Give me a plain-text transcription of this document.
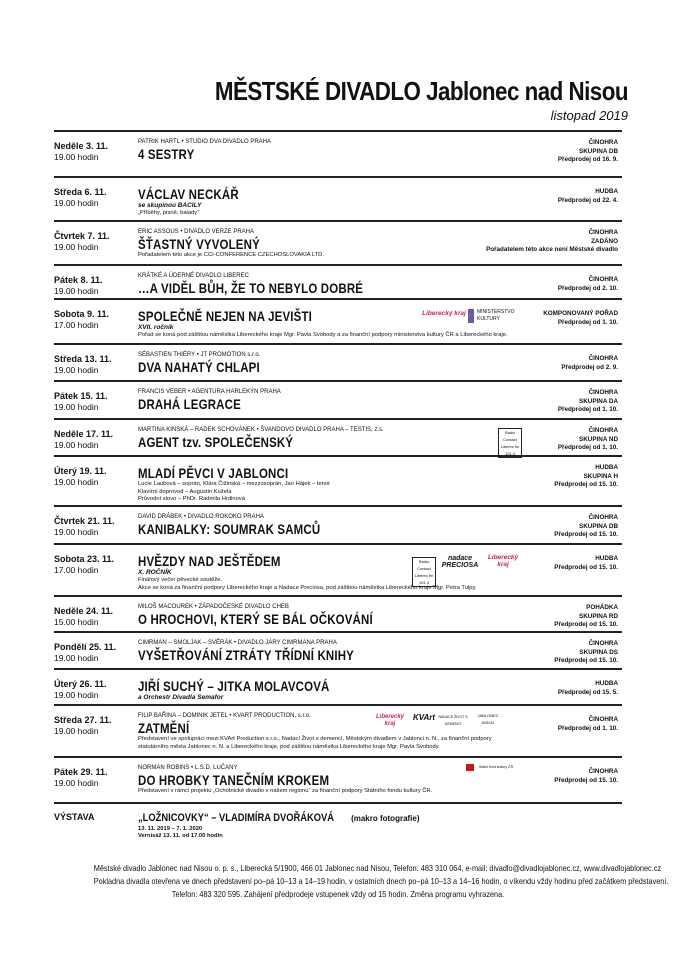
MĚSTSKÉ DIVADLO Jablonec nad Nisou
listopad 2019
Neděle 3. 11.
19.00 hodin
PATRIK HARTL • STUDIO DVA DIVADLO PRAHA
4 SESTRY
ČINOHRA
SKUPINA DB
Předprodej od 16. 9.
Středa 6. 11.
19.00 hodin
VÁCLAV NECKÁŘ
se skupinou BACILY
„Příběhy, písně, balady“
HUDBA
Předprodej od 22. 4.
Čtvrtek 7. 11.
19.00 hodin
ERIC ASSOUS • DIVADLO VERZE PRAHA
ŠŤASTNÝ VYVOLENÝ
Pořadatelem této akce je CCI-CONFERENCE CZECHOSLOVAKIA LTD.
ČINOHRA
ZADÁNO
Pořadatelem této akce není Městské divadlo
Pátek 8. 11.
19.00 hodin
KRÁTKÉ A ÚDERNÉ DIVADLO LIBEREC
…A VIDĚL BŮH, ŽE TO NEBYLO DOBRÉ
ČINOHRA
Předprodej od 2. 10.
Sobota 9. 11.
17.00 hodin
SPOLEČNĚ NEJEN NA JEVIŠTI
XVII. ročník
Pořad se koná pod záštitou náměstka Libereckého kraje Mgr. Pavla Svobody a za finanční podpory ministerstva kultury ČR a Libereckého kraje.
KOMPONOVANÝ POŘAD
Předprodej od 1. 10.
Liberecký kraj	MINISTERSTVO KULTURY
Středa 13. 11.
19.00 hodin
SÉBASTIEN THIÉRY • JT PROMOTION s.r.o.
DVA NAHATÝ CHLAPI
ČINOHRA
Předprodej od 2. 9.
Pátek 15. 11.
19.00 hodin
FRANCIS VEBER • AGENTURA HARLEKÝN PRAHA
DRAHÁ LEGRACE
ČINOHRA
SKUPINA DA
Předprodej od 1. 10.
Neděle 17. 11.
19.00 hodin
MARTINA KINSKÁ – RADEK SCHOVÁNEK • ŠVANDOVO DIVADLO PRAHA – TESTIS, z.s.
AGENT tzv. SPOLEČENSKÝ
ČINOHRA
SKUPINA ND
Předprodej od 1. 10.
Radio Contact Liberec fm 101.4
Úterý 19. 11.
19.00 hodin
MLADÍ PĚVCI V JABLONCI
Lucie Laubová – soprán, Klára Čižinská – mezzosoprán, Jan Hájek – tenor
Klavírní doprovod – Augustin Kužela
Průvodní slovo – PhDr. Radmila Hrdinová
HUDBA
SKUPINA H
Předprodej od 15. 10.
Čtvrtek 21. 11.
19.00 hodin
DAVID DRÁBEK • DIVADLO ROKOKO PRAHA
KANIBALKY: SOUMRAK SAMCŮ
ČINOHRA
SKUPINA DB
Předprodej od 15. 10.
Sobota 23. 11.
17.00 hodin
HVĚZDY NAD JEŠTĚDEM
X. ROČNÍK
Finálový večer pěvecké soutěže.
Akce se koná za finanční podpory Libereckého kraje a Nadace Preciosa, pod záštitou náměstka Libereckého kraje Mgr. Petra Tulpy.
HUDBA
Předprodej od 15. 10.
Radio Contact Liberec fm 101.4
nadace PRECIOSA
Liberecký kraj
Neděle 24. 11.
15.00 hodin
MILOŠ MACOUREK • ZÁPADOČESKÉ DIVADLO CHEB
O HROCHOVI, KTERÝ SE BÁL OČKOVÁNÍ
POHÁDKA
SKUPINA RD
Předprodej od 15. 10.
Pondělí 25. 11.
19.00 hodin
CIMRMAN – SMOLJAK – SVĚRÁK • DIVADLO JÁRY CIMRMANA PRAHA
VYŠETŘOVÁNÍ ZTRÁTY TŘÍDNÍ KNIHY
ČINOHRA
SKUPINA DS
Předprodej od 15. 10.
Úterý 26. 11.
19.00 hodin
JIŘÍ SUCHÝ – JITKA MOLAVCOVÁ
a Orchestr Divadla Semafor
HUDBA
Předprodej od 15. 5.
Středa 27. 11.
19.00 hodin
FILIP BAŘINA – DOMINIK JETEL • KVART PRODUCTION, s.r.o.
ZATMĚNÍ
Představení ve spolupráci mezi KVArt Production s.r.o., Nadací Život s demencí, Městským divadlem v Jablonci n. N., za finanční podpory
statutárního města Jablonec n. N. a Libereckého kraje, pod záštitou náměstka Libereckého kraje Mgr. Pavla Svobody.
ČINOHRA
Předprodej od 1. 10.
Liberecký kraj
KVArt NADACE ŽIVOT S DEMENCÍ
JABLONEC NISOU
Pátek 29. 11.
19.00 hodin
NORMAN ROBINS • L.S.D. LUČANY
DO HROBKY TANEČNÍM KROKEM
Představení v rámci projektu „Ochotnické divadlo v našem regionu“ za finanční podpory Státního fondu kultury ČR.
ČINOHRA
Předprodej od 15. 10.
Státní fond kultury ČR
VÝSTAVA	„LOŽNICOVKY“ – VLADIMÍRA DVOŘÁKOVÁ (makro fotografie)
13. 11. 2019 – 7. 1. 2020
Vernisáž 13. 11. od 17.00 hodin
Městské divadlo Jablonec nad Nisou o. p. s., Liberecká 5/1900, 466 01 Jablonec nad Nisou, Telefon: 483 310 064, e-mail: divadlo@divadlojablonec.cz, www.divadlojablonec.cz
Pokladna divadla otevřena ve dnech představení po–pá 10–13 a 14–19 hodin, v ostatních dnech po–pá 10–13 a 14–16 hodin, o víkendu vždy hodinu před začátkem představení.
Telefon: 483 320 595. Zahájení předprodeje vstupenek vždy od 15 hodin. Změna programu vyhrazena.
